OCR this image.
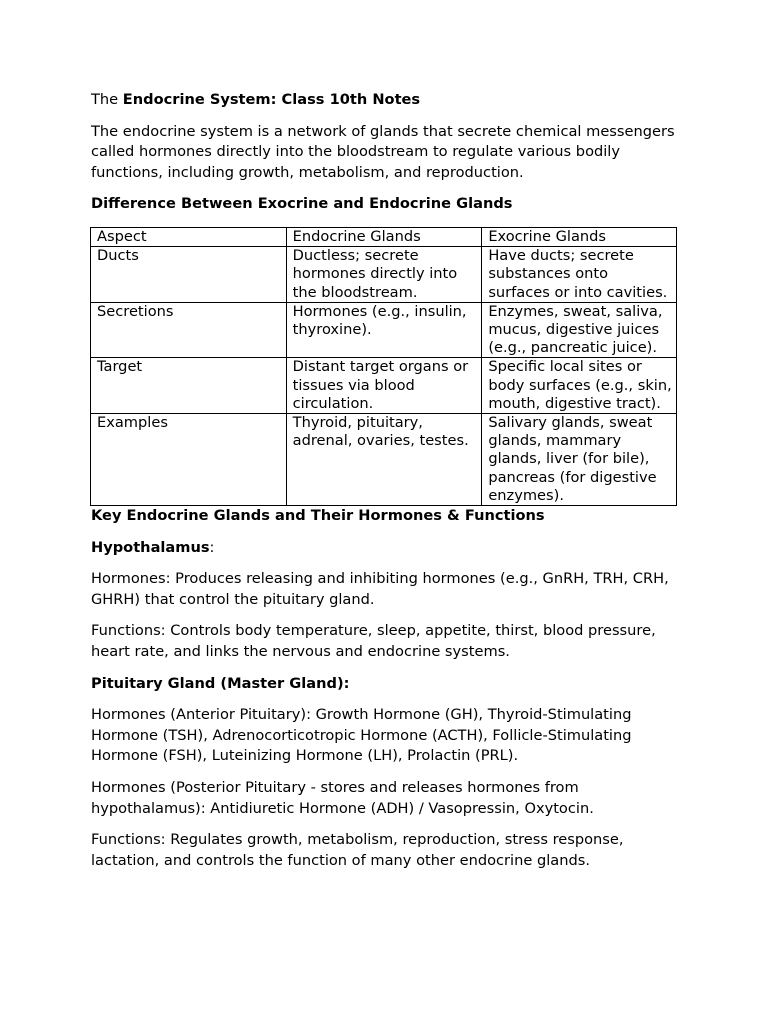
The Endocrine System: Class 10th Notes

The endocrine system is a network of glands that secrete chemical messengers called hormones directly into the bloodstream to regulate various bodily functions, including growth, metabolism, and reproduction.

Difference Between Exocrine and Endocrine Glands

Aspect	Endocrine Glands	Exocrine Glands
Ducts	Ductless; secrete hormones directly into the bloodstream.	Have ducts; secrete substances onto surfaces or into cavities.
Secretions	Hormones (e.g., insulin, thyroxine).	Enzymes, sweat, saliva, mucus, digestive juices (e.g., pancreatic juice).
Target	Distant target organs or tissues via blood circulation.	Specific local sites or body surfaces (e.g., skin, mouth, digestive tract).
Examples	Thyroid, pituitary, adrenal, ovaries, testes.	Salivary glands, sweat glands, mammary glands, liver (for bile), pancreas (for digestive enzymes).

Key Endocrine Glands and Their Hormones & Functions

Hypothalamus:

Hormones: Produces releasing and inhibiting hormones (e.g., GnRH, TRH, CRH, GHRH) that control the pituitary gland.

Functions: Controls body temperature, sleep, appetite, thirst, blood pressure, heart rate, and links the nervous and endocrine systems.

Pituitary Gland (Master Gland):

Hormones (Anterior Pituitary): Growth Hormone (GH), Thyroid-Stimulating Hormone (TSH), Adrenocorticotropic Hormone (ACTH), Follicle-Stimulating Hormone (FSH), Luteinizing Hormone (LH), Prolactin (PRL).

Hormones (Posterior Pituitary - stores and releases hormones from hypothalamus): Antidiuretic Hormone (ADH) / Vasopressin, Oxytocin.

Functions: Regulates growth, metabolism, reproduction, stress response, lactation, and controls the function of many other endocrine glands.
